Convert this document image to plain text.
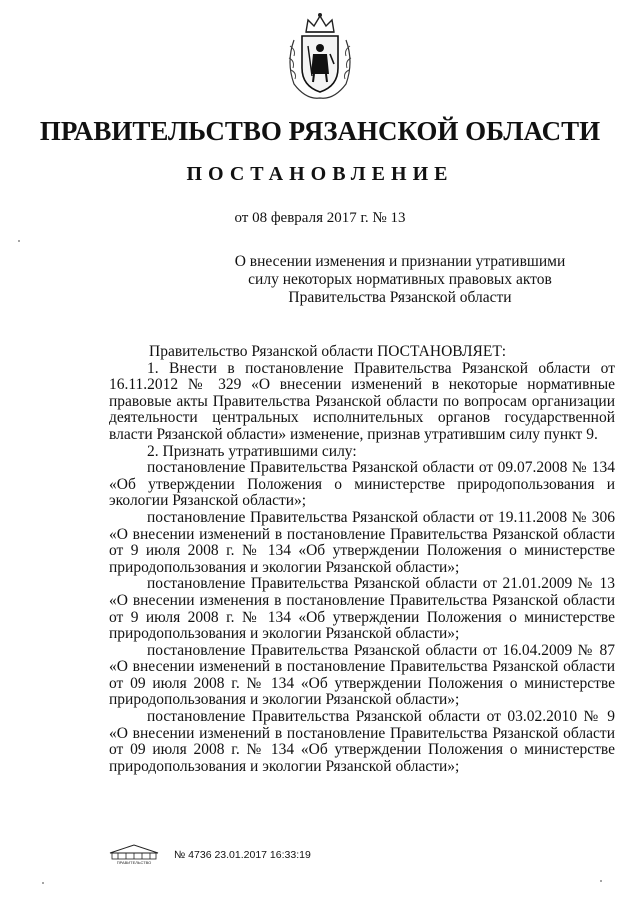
ПРАВИТЕЛЬСТВО РЯЗАНСКОЙ ОБЛАСТИ
ПОСТАНОВЛЕНИЕ
от 08 февраля 2017 г. № 13
О внесении изменения и признании утратившими
силу некоторых нормативных правовых актов
Правительства Рязанской области

Правительство Рязанской области ПОСТАНОВЛЯЕТ:

1. Внести в постановление Правительства Рязанской области от 16.11.2012 № 329 «О внесении изменений в некоторые нормативные правовые акты Правительства Рязанской области по вопросам организации деятельности центральных исполнительных органов государственной власти Рязанской области» изменение, признав утратившим силу пункт 9.

2. Признать утратившими силу:

постановление Правительства Рязанской области от 09.07.2008 № 134 «Об утверждении Положения о министерстве природопользования и экологии Рязанской области»;

постановление Правительства Рязанской области от 19.11.2008 № 306 «О внесении изменений в постановление Правительства Рязанской области от 9 июля 2008 г. № 134 «Об утверждении Положения о министерстве природопользования и экологии Рязанской области»;

постановление Правительства Рязанской области от 21.01.2009 № 13 «О внесении изменения в постановление Правительства Рязанской области от 9 июля 2008 г. № 134 «Об утверждении Положения о министерстве природопользования и экологии Рязанской области»;

постановление Правительства Рязанской области от 16.04.2009 № 87 «О внесении изменений в постановление Правительства Рязанской области от 09 июля 2008 г. № 134 «Об утверждении Положения о министерстве природопользования и экологии Рязанской области»;

постановление Правительства Рязанской области от 03.02.2010 № 9 «О внесении изменений в постановление Правительства Рязанской области от 09 июля 2008 г. № 134 «Об утверждении Положения о министерстве природопользования и экологии Рязанской области»;

ПРАВИТЕЛЬСТВО
№ 4736 23.01.2017 16:33:19
